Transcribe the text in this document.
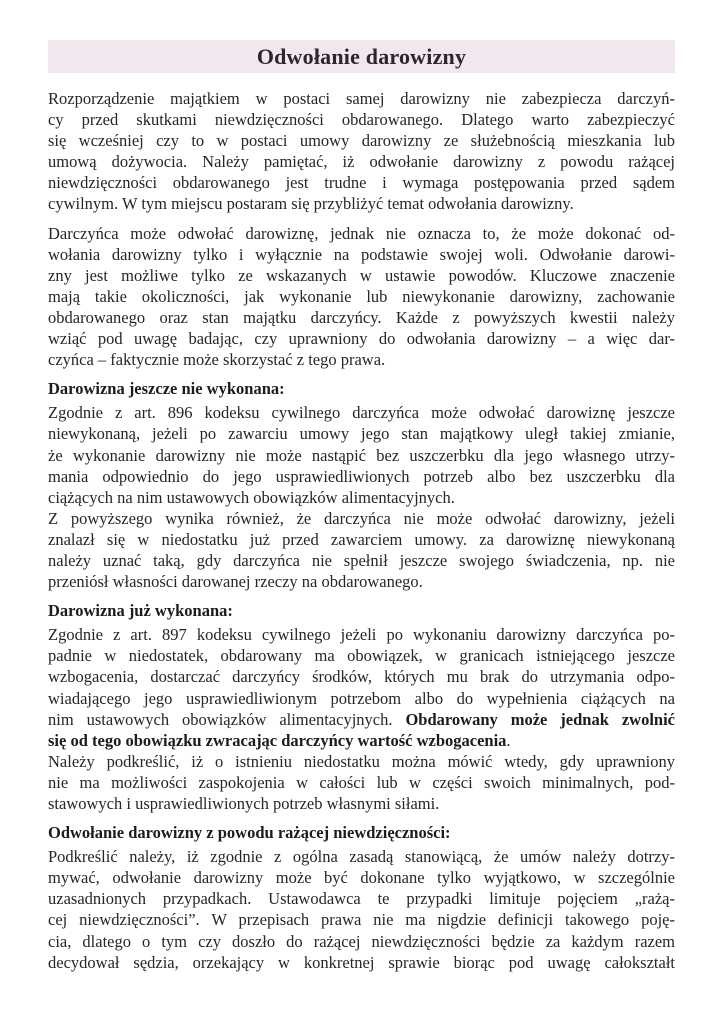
Odwołanie darowizny
Rozporządzenie majątkiem w postaci samej darowizny nie zabezpiecza darczyń-
cy przed skutkami niewdzięczności obdarowanego. Dlatego warto zabezpieczyć
się wcześniej czy to w postaci umowy darowizny ze służebnością mieszkania lub
umową dożywocia. Należy pamiętać, iż odwołanie darowizny z powodu rażącej
niewdzięczności obdarowanego jest trudne i wymaga postępowania przed sądem
cywilnym. W tym miejscu postaram się przybliżyć temat odwołania darowizny.
Darczyńca może odwołać darowiznę, jednak nie oznacza to, że może dokonać od-
wołania darowizny tylko i wyłącznie na podstawie swojej woli. Odwołanie darowi-
zny jest możliwe tylko ze wskazanych w ustawie powodów. Kluczowe znaczenie
mają takie okoliczności, jak wykonanie lub niewykonanie darowizny, zachowanie
obdarowanego oraz stan majątku darczyńcy. Każde z powyższych kwestii należy
wziąć pod uwagę badając, czy uprawniony do odwołania darowizny – a więc dar-
czyńca – faktycznie może skorzystać z tego prawa.
Darowizna jeszcze nie wykonana:
Zgodnie z art. 896 kodeksu cywilnego darczyńca może odwołać darowiznę jeszcze
niewykonaną, jeżeli po zawarciu umowy jego stan majątkowy uległ takiej zmianie,
że wykonanie darowizny nie może nastąpić bez uszczerbku dla jego własnego utrzy-
mania odpowiednio do jego usprawiedliwionych potrzeb albo bez uszczerbku dla
ciążących na nim ustawowych obowiązków alimentacyjnych.
Z powyższego wynika również, że darczyńca nie może odwołać darowizny, jeżeli
znalazł się w niedostatku już przed zawarciem umowy. za darowiznę niewykonaną
należy uznać taką, gdy darczyńca nie spełnił jeszcze swojego świadczenia, np. nie
przeniósł własności darowanej rzeczy na obdarowanego.
Darowizna już wykonana:
Zgodnie z art. 897 kodeksu cywilnego jeżeli po wykonaniu darowizny darczyńca po-
padnie w niedostatek, obdarowany ma obowiązek, w granicach istniejącego jeszcze
wzbogacenia, dostarczać darczyńcy środków, których mu brak do utrzymania odpo-
wiadającego jego usprawiedliwionym potrzebom albo do wypełnienia ciążących na
nim ustawowych obowiązków alimentacyjnych. Obdarowany może jednak zwolnić
się od tego obowiązku zwracając darczyńcy wartość wzbogacenia.
Należy podkreślić, iż o istnieniu niedostatku można mówić wtedy, gdy uprawniony
nie ma możliwości zaspokojenia w całości lub w części swoich minimalnych, pod-
stawowych i usprawiedliwionych potrzeb własnymi siłami.
Odwołanie darowizny z powodu rażącej niewdzięczności:
Podkreślić należy, iż zgodnie z ogólna zasadą stanowiącą, że umów należy dotrzy-
mywać, odwołanie darowizny może być dokonane tylko wyjątkowo, w szczególnie
uzasadnionych przypadkach. Ustawodawca te przypadki limituje pojęciem „rażą-
cej niewdzięczności”. W przepisach prawa nie ma nigdzie definicji takowego poję-
cia, dlatego o tym czy doszło do rażącej niewdzięczności będzie za każdym razem
decydował sędzia, orzekający w konkretnej sprawie biorąc pod uwagę całokształt
